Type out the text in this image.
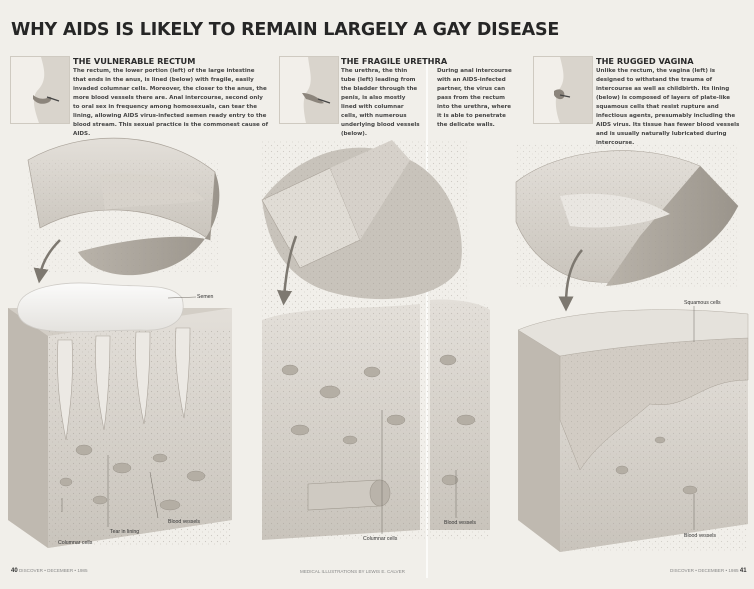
WHY AIDS IS LIKELY TO REMAIN LARGELY A GAY DISEASE
THE VULNERABLE RECTUM

The rectum, the lower portion (left) of the large intestine that ends in the anus, is lined (below) with fragile, easily invaded columnar cells. Moreover, the closer to the anus, the more blood vessels there are. Anal intercourse, second only to oral sex in frequency among homosexuals, can tear the lining, allowing AIDS virus-infected semen ready entry to the blood stream. This sexual practice is the commonest cause of AIDS.

THE FRAGILE URETHRA

The urethra, the thin tube (left) leading from the bladder through the penis, is also mostly lined with columnar cells, with numerous underlying blood vessels (below).

During anal intercourse with an AIDS-infected partner, the virus can pass from the rectum into the urethra, where it is able to penetrate the delicate walls.

THE RUGGED VAGINA

Unlike the rectum, the vagina (left) is designed to withstand the trauma of intercourse as well as childbirth. Its lining (below) is composed of layers of plate-like squamous cells that resist rupture and infectious agents, presumably including the AIDS virus. Its tissue has fewer blood vessels and is usually naturally lubricated during intercourse.

Semen
Tear in lining
Blood vessels
Columnar cells
Columnar cells
Blood vessels
Squamous cells
Blood vessels
40 DISCOVER • DECEMBER • 1985	MEDICAL ILLUSTRATIONS BY LEWIS E. CALVER	DISCOVER • DECEMBER • 1985 41
